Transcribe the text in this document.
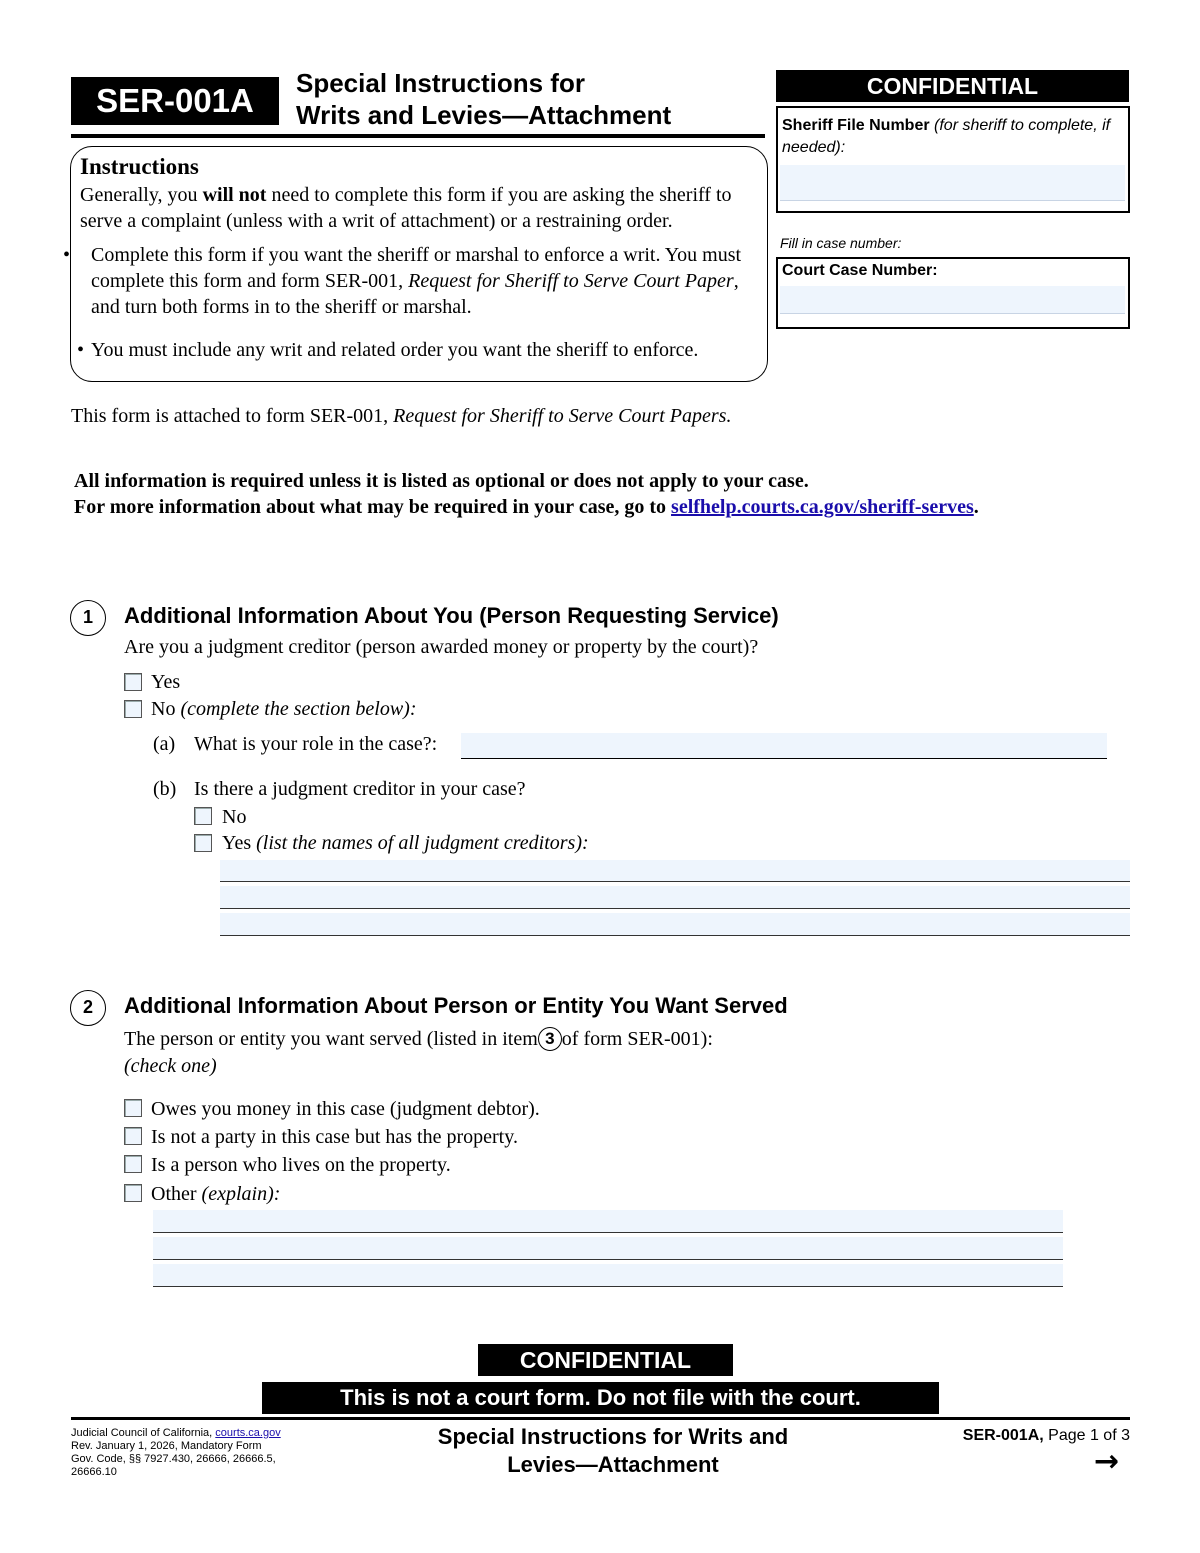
SER-001A	Special Instructions for
Writs and Levies—Attachment
CONFIDENTIAL
Sheriff File Number (for sheriff to complete, if needed):
Fill in case number:
Court Case Number:
Instructions
Generally, you will not need to complete this form if you are asking the sheriff to serve a complaint (unless with a writ of attachment) or a restraining order.
• Complete this form if you want the sheriff or marshal to enforce a writ. You must complete this form and form SER-001, Request for Sheriff to Serve Court Paper, and turn both forms in to the sheriff or marshal.
• You must include any writ and related order you want the sheriff to enforce.
This form is attached to form SER-001, Request for Sheriff to Serve Court Papers.
All information is required unless it is listed as optional or does not apply to your case.
For more information about what may be required in your case, go to selfhelp.courts.ca.gov/sheriff-serves.
1	Additional Information About You (Person Requesting Service)
Are you a judgment creditor (person awarded money or property by the court)?
Yes
No (complete the section below):
(a) What is your role in the case?:
(b) Is there a judgment creditor in your case?
No
Yes (list the names of all judgment creditors):
2	Additional Information About Person or Entity You Want Served
The person or entity you want served (listed in item 3 of form SER-001):
(check one)
Owes you money in this case (judgment debtor).
Is not a party in this case but has the property.
Is a person who lives on the property.
Other (explain):
CONFIDENTIAL
This is not a court form. Do not file with the court.
Judicial Council of California, courts.ca.gov
Rev. January 1, 2026, Mandatory Form
Gov. Code, §§ 7927.430, 26666, 26666.5,
26666.10
Special Instructions for Writs and
Levies—Attachment
SER-001A, Page 1 of 3
→
